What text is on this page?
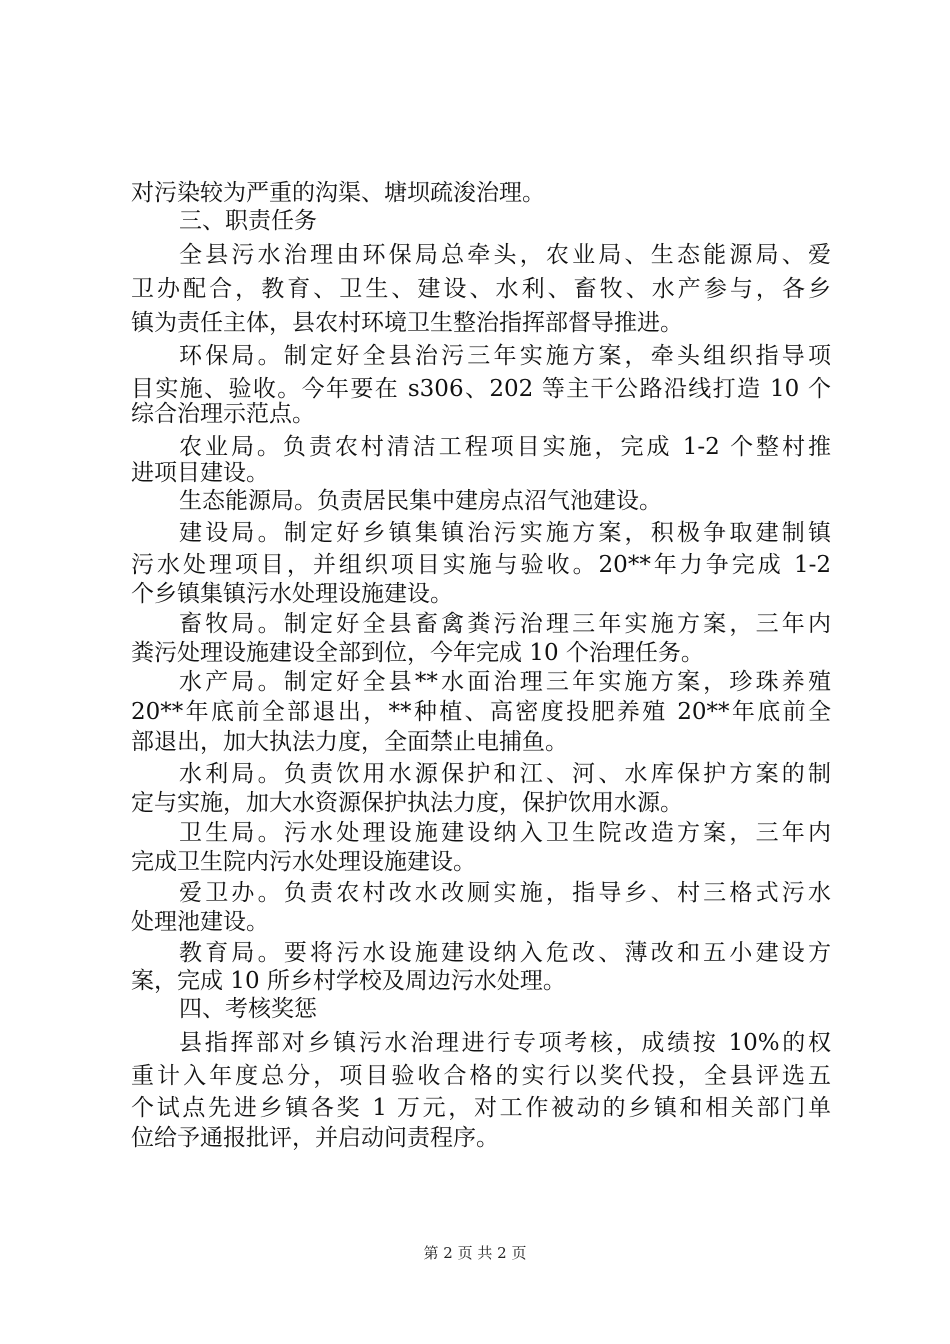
对污染较为严重的沟渠、塘坝疏浚治理。
三、职责任务
全县污水治理由环保局总牵头，农业局、生态能源局、爱
卫办配合，教育、卫生、建设、水利、畜牧、水产参与，各乡
镇为责任主体，县农村环境卫生整治指挥部督导推进。
环保局。制定好全县治污三年实施方案，牵头组织指导项
目实施、验收。今年要在 s306、202 等主干公路沿线打造 10 个
综合治理示范点。
农业局。负责农村清洁工程项目实施，完成 1-2 个整村推
进项目建设。
生态能源局。负责居民集中建房点沼气池建设。
建设局。制定好乡镇集镇治污实施方案，积极争取建制镇
污水处理项目，并组织项目实施与验收。20**年力争完成 1-2
个乡镇集镇污水处理设施建设。
畜牧局。制定好全县畜禽粪污治理三年实施方案，三年内
粪污处理设施建设全部到位，今年完成 10 个治理任务。
水产局。制定好全县**水面治理三年实施方案，珍珠养殖
20**年底前全部退出，**种植、高密度投肥养殖 20**年底前全
部退出，加大执法力度，全面禁止电捕鱼。
水利局。负责饮用水源保护和江、河、水库保护方案的制
定与实施，加大水资源保护执法力度，保护饮用水源。
卫生局。污水处理设施建设纳入卫生院改造方案，三年内
完成卫生院内污水处理设施建设。
爱卫办。负责农村改水改厕实施，指导乡、村三格式污水
处理池建设。
教育局。要将污水设施建设纳入危改、薄改和五小建设方
案，完成 10 所乡村学校及周边污水处理。
四、考核奖惩
县指挥部对乡镇污水治理进行专项考核，成绩按 10%的权
重计入年度总分，项目验收合格的实行以奖代投，全县评选五
个试点先进乡镇各奖 1 万元，对工作被动的乡镇和相关部门单
位给予通报批评，并启动问责程序。
第 2 页 共 2 页
